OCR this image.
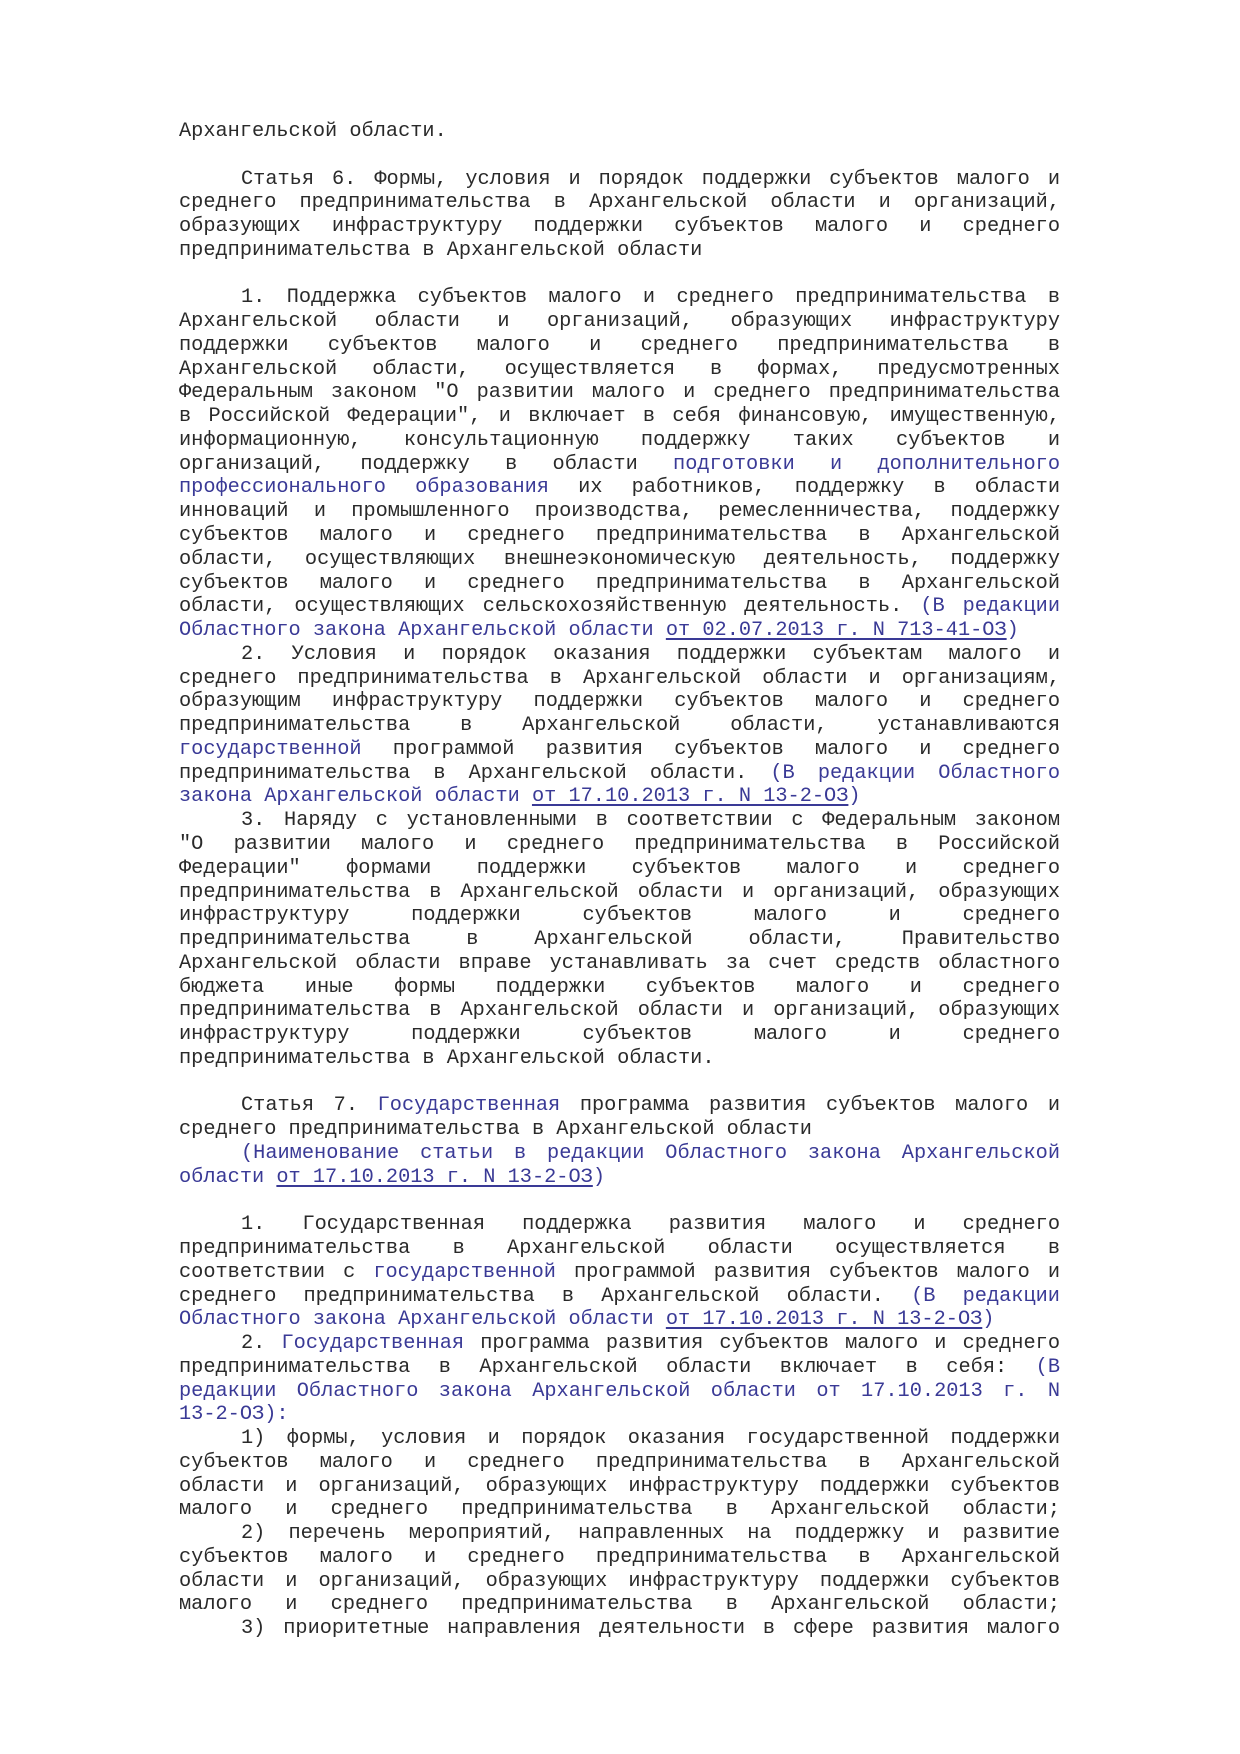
Архангельской области.
Статья 6. Формы, условия и порядок поддержки субъектов малого и
среднего предпринимательства в Архангельской области и организаций,
образующих инфраструктуру поддержки субъектов малого и среднего
предпринимательства в Архангельской области
1. Поддержка субъектов малого и среднего предпринимательства в
Архангельской области и организаций, образующих инфраструктуру
поддержки субъектов малого и среднего предпринимательства в
Архангельской области, осуществляется в формах, предусмотренных
Федеральным законом "О развитии малого и среднего предпринимательства
в Российской Федерации", и включает в себя финансовую, имущественную,
информационную, консультационную поддержку таких субъектов и
организаций, поддержку в области подготовки и дополнительного
профессионального образования их работников, поддержку в области
инноваций и промышленного производства, ремесленничества, поддержку
субъектов малого и среднего предпринимательства в Архангельской
области, осуществляющих внешнеэкономическую деятельность, поддержку
субъектов малого и среднего предпринимательства в Архангельской
области, осуществляющих сельскохозяйственную деятельность. (В редакции
Областного закона Архангельской области от 02.07.2013 г. N 713-41-ОЗ)
2. Условия и порядок оказания поддержки субъектам малого и
среднего предпринимательства в Архангельской области и организациям,
образующим инфраструктуру поддержки субъектов малого и среднего
предпринимательства в Архангельской области, устанавливаются
государственной программой развития субъектов малого и среднего
предпринимательства в Архангельской области. (В редакции Областного
закона Архангельской области от 17.10.2013 г. N 13-2-ОЗ)
3. Наряду с установленными в соответствии с Федеральным законом
"О развитии малого и среднего предпринимательства в Российской
Федерации" формами поддержки субъектов малого и среднего
предпринимательства в Архангельской области и организаций, образующих
инфраструктуру поддержки субъектов малого и среднего
предпринимательства в Архангельской области, Правительство
Архангельской области вправе устанавливать за счет средств областного
бюджета иные формы поддержки субъектов малого и среднего
предпринимательства в Архангельской области и организаций, образующих
инфраструктуру поддержки субъектов малого и среднего
предпринимательства в Архангельской области.
Статья 7. Государственная программа развития субъектов малого и
среднего предпринимательства в Архангельской области
(Наименование статьи в редакции Областного закона Архангельской
области от 17.10.2013 г. N 13-2-ОЗ)
1. Государственная поддержка развития малого и среднего
предпринимательства в Архангельской области осуществляется в
соответствии с государственной программой развития субъектов малого и
среднего предпринимательства в Архангельской области. (В редакции
Областного закона Архангельской области от 17.10.2013 г. N 13-2-ОЗ)
2. Государственная программа развития субъектов малого и среднего
предпринимательства в Архангельской области включает в себя: (В
редакции Областного закона Архангельской области от 17.10.2013 г. N
13-2-ОЗ):
1) формы, условия и порядок оказания государственной поддержки
субъектов малого и среднего предпринимательства в Архангельской
области и организаций, образующих инфраструктуру поддержки субъектов
малого и среднего предпринимательства в Архангельской области;
2) перечень мероприятий, направленных на поддержку и развитие
субъектов малого и среднего предпринимательства в Архангельской
области и организаций, образующих инфраструктуру поддержки субъектов
малого и среднего предпринимательства в Архангельской области;
3) приоритетные направления деятельности в сфере развития малого
